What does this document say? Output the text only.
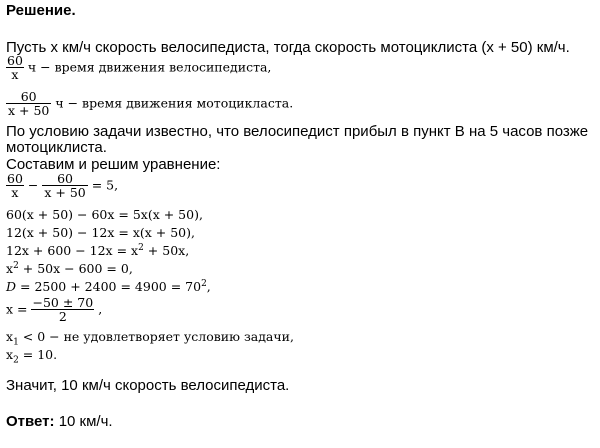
Решение.
Пусть х км/ч скорость велосипедиста, тогда скорость мотоциклиста (х + 50) км/ч.
$\frac{60}{x}$ ч − время движения велосипедиста,
$\frac{60}{x + 50}$ ч − время движения мотоцикласта.
По условию задачи известно, что велосипедист прибыл в пункт В на 5 часов позже
мотоциклиста.
Составим и решим уравнение:
$\frac{60}{x} - \frac{60}{x + 50} = 5$,
60(x + 50) − 60x = 5x(x + 50),
12(x + 50) − 12x = x(x + 50),
$12x + 600 - 12x = x^2 + 50x$,
$x^2 + 50x - 600 = 0$,
$D = 2500 + 2400 = 4900 = 70^2$,
$x = \frac{-50 \pm 70}{2}$ ,
$x_1 < 0$ − не удовлетворяет условию задачи,
$x_2 = 10$.
Значит, 10 км/ч скорость велосипедиста.
Ответ: 10 км/ч.
